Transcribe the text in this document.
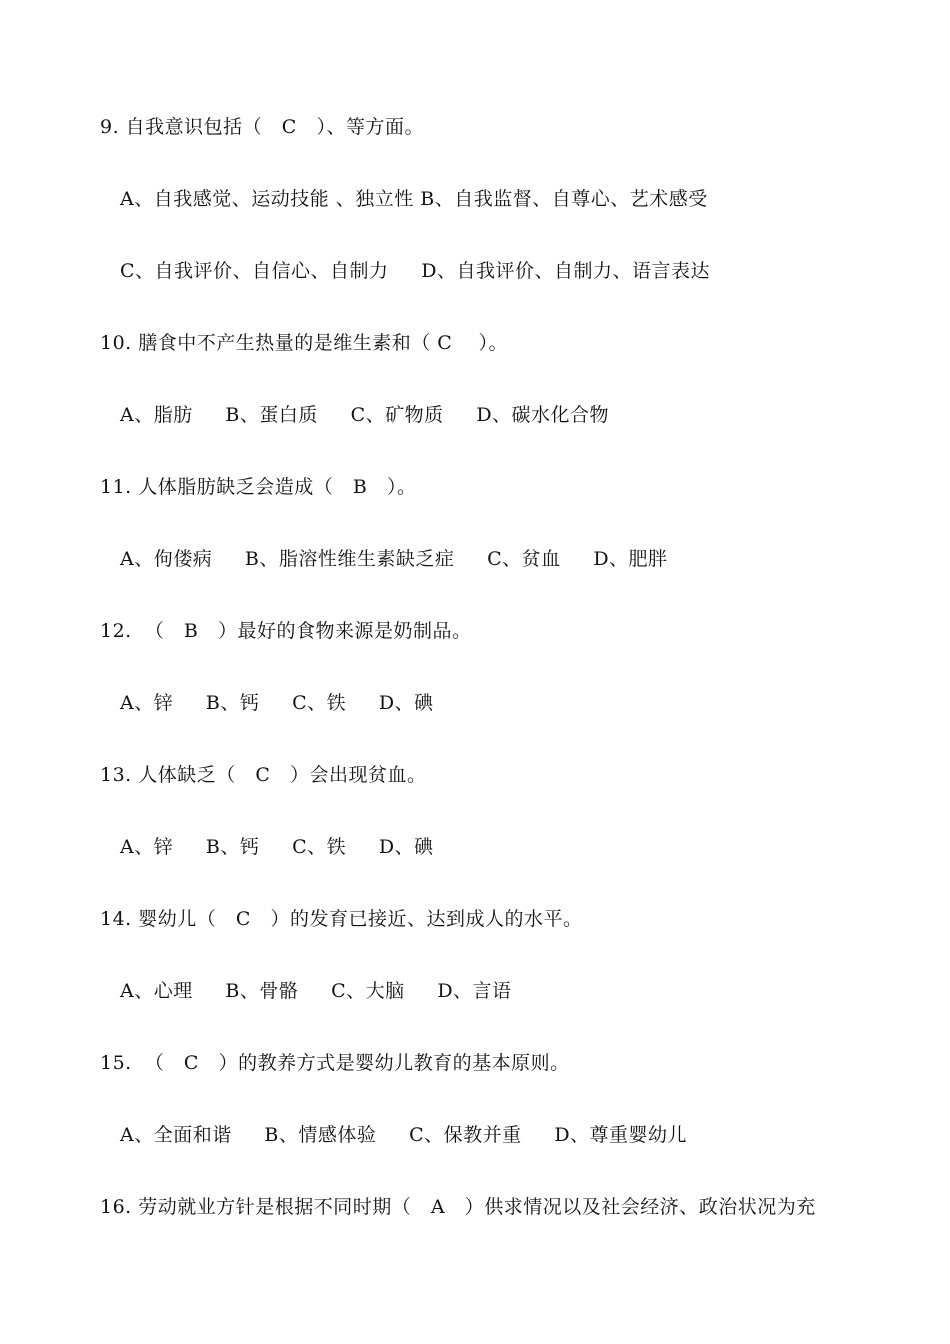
9. 自我意识包括（   C   ）、等方面。
A、自我感觉、运动技能 、独立性 B、自我监督、自尊心、艺术感受
C、自我评价、自信心、自制力     D、自我评价、自制力、语言表达
10. 膳食中不产生热量的是维生素和（ C    ）。
A、脂肪     B、蛋白质     C、矿物质     D、碳水化合物
11. 人体脂肪缺乏会造成（   B   ）。
A、佝偻病     B、脂溶性维生素缺乏症     C、贫血     D、肥胖
12.  （   B   ）最好的食物来源是奶制品。
A、锌     B、钙     C、铁     D、碘
13. 人体缺乏（   C   ）会出现贫血。
A、锌     B、钙     C、铁     D、碘
14. 婴幼儿（   C   ）的发育已接近、达到成人的水平。
A、心理     B、骨骼     C、大脑     D、言语
15.  （   C   ）的教养方式是婴幼儿教育的基本原则。
A、全面和谐     B、情感体验     C、保教并重     D、尊重婴幼儿
16. 劳动就业方针是根据不同时期（   A   ）供求情况以及社会经济、政治状况为充
